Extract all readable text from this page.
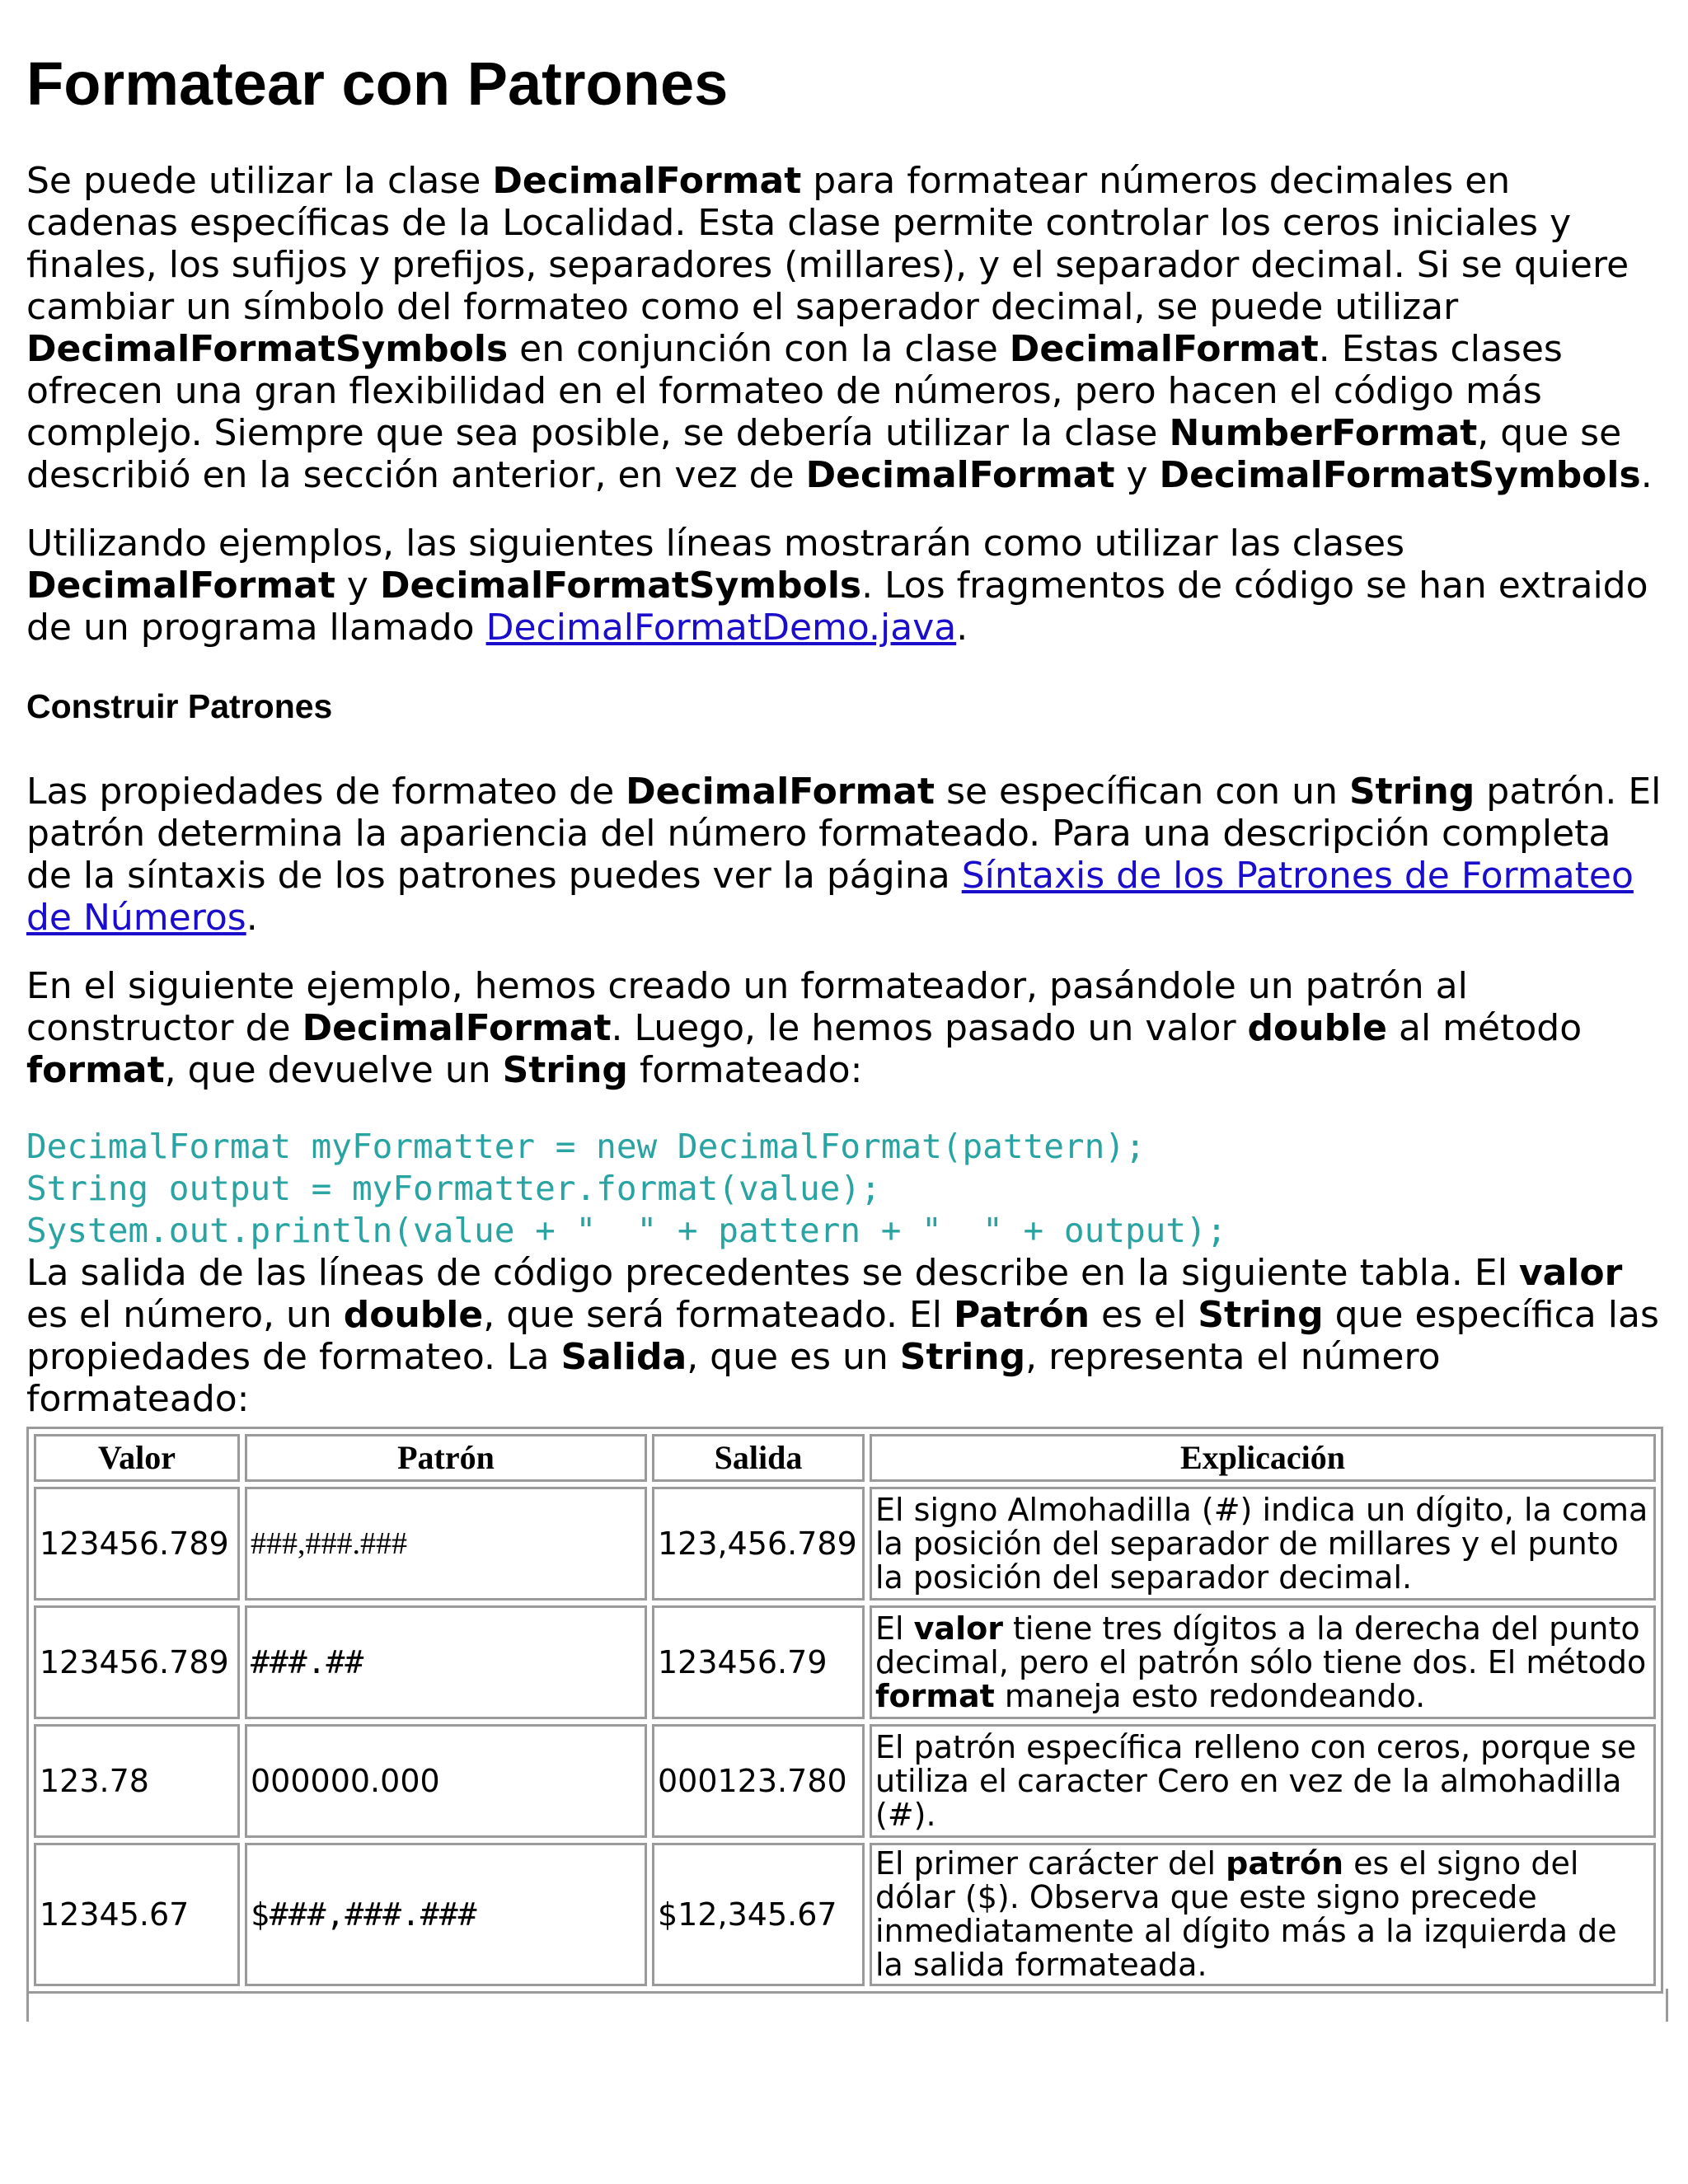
Formatear con Patrones

Se puede utilizar la clase DecimalFormat para formatear números decimales en cadenas específicas de la Localidad. Esta clase permite controlar los ceros iniciales y finales, los sufijos y prefijos, separadores (millares), y el separador decimal. Si se quiere cambiar un símbolo del formateo como el saperador decimal, se puede utilizar DecimalFormatSymbols en conjunción con la clase DecimalFormat. Estas clases ofrecen una gran flexibilidad en el formateo de números, pero hacen el código más complejo. Siempre que sea posible, se debería utilizar la clase NumberFormat, que se describió en la sección anterior, en vez de DecimalFormat y DecimalFormatSymbols.

Utilizando ejemplos, las siguientes líneas mostrarán como utilizar las clases DecimalFormat y DecimalFormatSymbols. Los fragmentos de código se han extraido de un programa llamado DecimalFormatDemo.java.

Construir Patrones

Las propiedades de formateo de DecimalFormat se específican con un String patrón. El patrón determina la apariencia del número formateado. Para una descripción completa de la síntaxis de los patrones puedes ver la página Síntaxis de los Patrones de Formateo de Números.

En el siguiente ejemplo, hemos creado un formateador, pasándole un patrón al constructor de DecimalFormat. Luego, le hemos pasado un valor double al método format, que devuelve un String formateado:

DecimalFormat myFormatter = new DecimalFormat(pattern);
String output = myFormatter.format(value);
System.out.println(value + "  " + pattern + "  " + output);

La salida de las líneas de código precedentes se describe en la siguiente tabla. El valor es el número, un double, que será formateado. El Patrón es el String que específica las propiedades de formateo. La Salida, que es un String, representa el número formateado:

Valor	Patrón	Salida	Explicación
123456.789	###,###.###	123,456.789	El signo Almohadilla (#) indica un dígito, la coma la posición del separador de millares y el punto la posición del separador decimal.
123456.789	###.##	123456.79	El valor tiene tres dígitos a la derecha del punto decimal, pero el patrón sólo tiene dos. El método format maneja esto redondeando.
123.78	000000.000	000123.780	El patrón específica relleno con ceros, porque se utiliza el caracter Cero en vez de la almohadilla (#).
12345.67	$###,###.###	$12,345.67	El primer carácter del patrón es el signo del dólar ($). Observa que este signo precede inmediatamente al dígito más a la izquierda de la salida formateada.
